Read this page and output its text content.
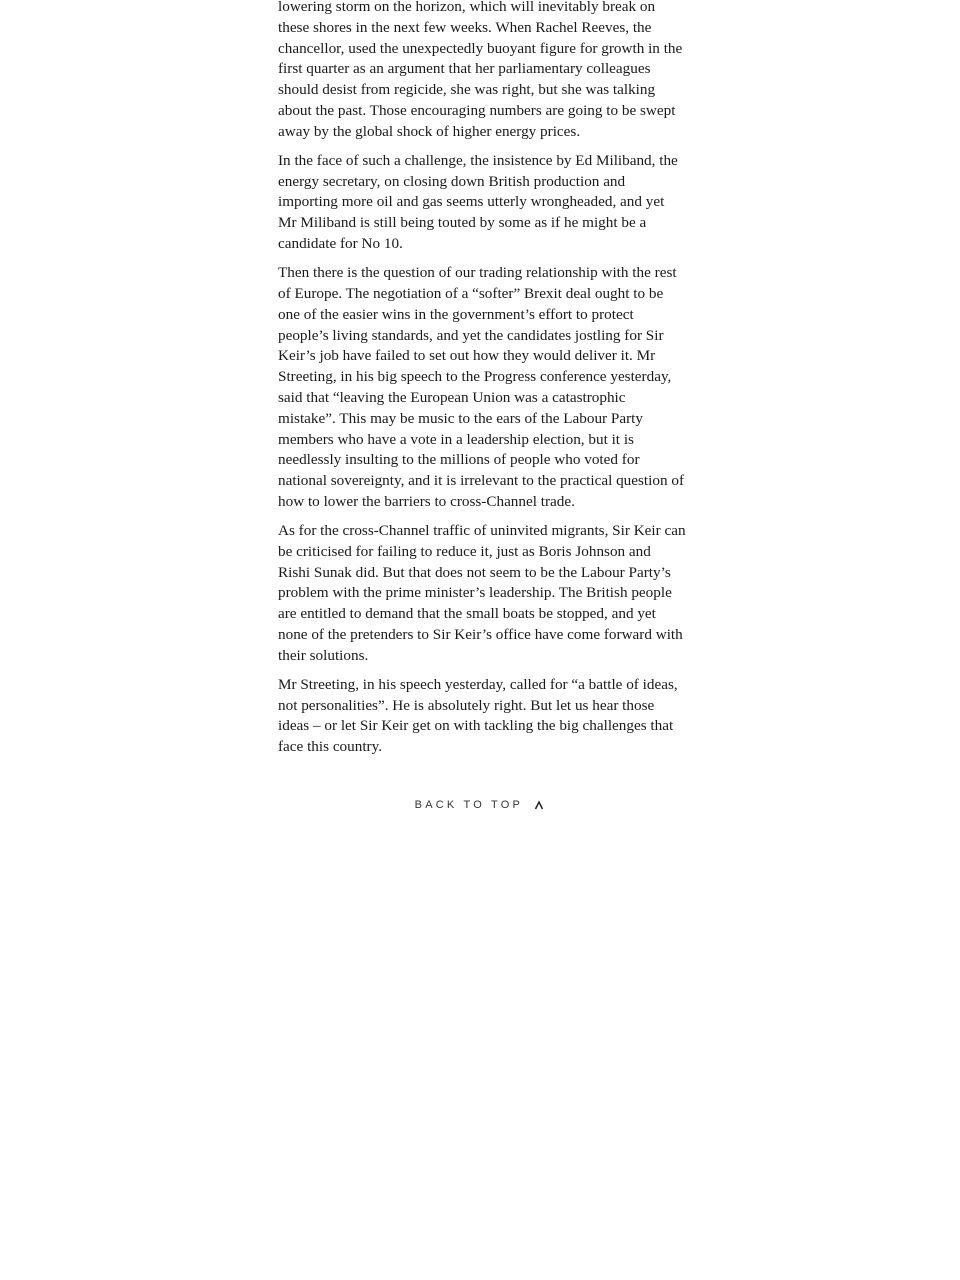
lowering storm on the horizon, which will inevitably break on these shores in the next few weeks. When Rachel Reeves, the chancellor, used the unexpectedly buoyant figure for growth in the first quarter as an argument that her parliamentary colleagues should desist from regicide, she was right, but she was talking about the past. Those encouraging numbers are going to be swept away by the global shock of higher energy prices.

In the face of such a challenge, the insistence by Ed Miliband, the energy secretary, on closing down British production and importing more oil and gas seems utterly wrongheaded, and yet Mr Miliband is still being touted by some as if he might be a candidate for No 10.

Then there is the question of our trading relationship with the rest of Europe. The negotiation of a “softer” Brexit deal ought to be one of the easier wins in the government’s effort to protect people’s living standards, and yet the candidates jostling for Sir Keir’s job have failed to set out how they would deliver it. Mr Streeting, in his big speech to the Progress conference yesterday, said that “leaving the European Union was a catastrophic mistake”. This may be music to the ears of the Labour Party members who have a vote in a leadership election, but it is needlessly insulting to the millions of people who voted for national sovereignty, and it is irrelevant to the practical question of how to lower the barriers to cross-Channel trade.

As for the cross-Channel traffic of uninvited migrants, Sir Keir can be criticised for failing to reduce it, just as Boris Johnson and Rishi Sunak did. But that does not seem to be the Labour Party’s problem with the prime minister’s leadership. The British people are entitled to demand that the small boats be stopped, and yet none of the pretenders to Sir Keir’s office have come forward with their solutions.

Mr Streeting, in his speech yesterday, called for “a battle of ideas, not personalities”. He is absolutely right. But let us hear those ideas – or let Sir Keir get on with tackling the big challenges that face this country.

BACK TO TOP
